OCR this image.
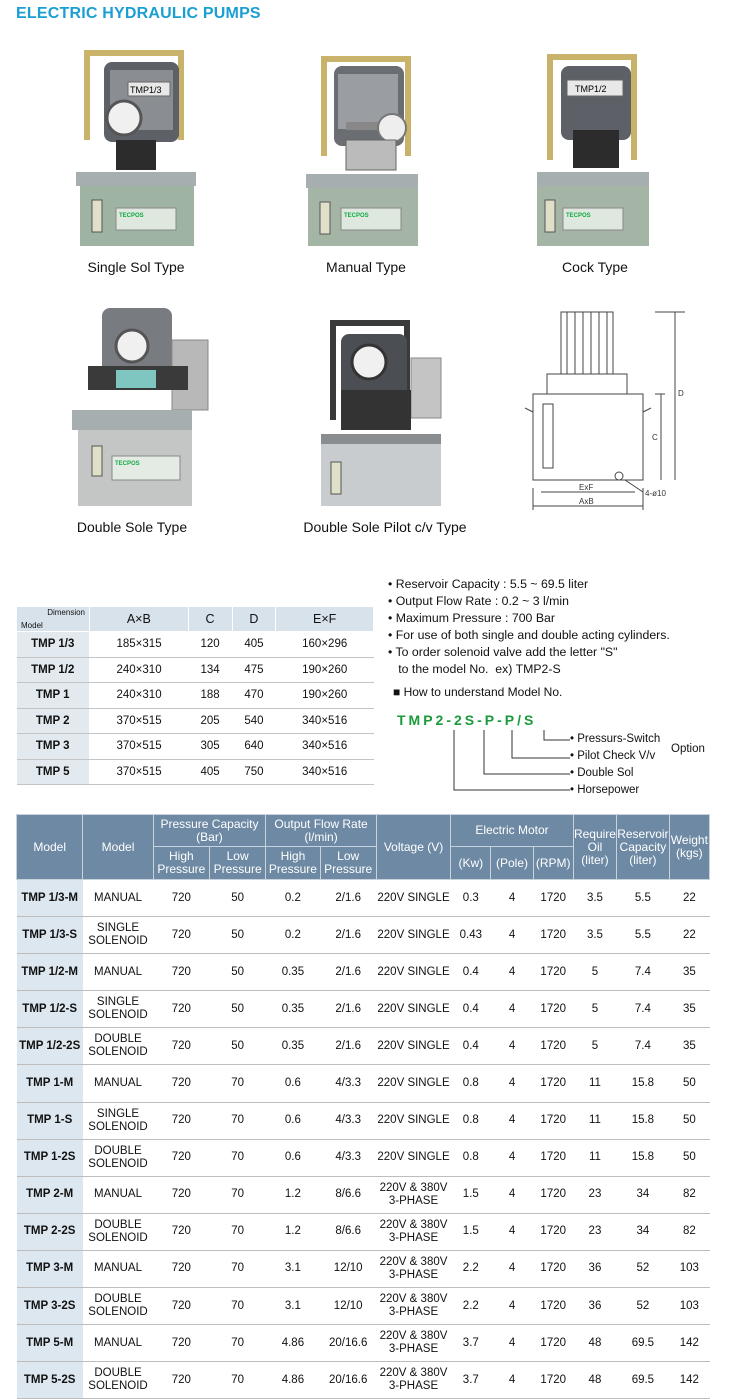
ELECTRIC HYDRAULIC PUMPS
TMP1/3
TECPOS
Single Sol Type
TECPOS
Manual Type
TMP1/2
TECPOS
Cock Type
TECPOS
Double Sole Type	Double Sole Pilot c/v Type
D
C
ExF
AxB
4-ø10
Dimension
Model	A×B	C	D	E×F
TMP 1/3	185×315	120	405	160×296
TMP 1/2	240×310	134	475	190×260
TMP 1	240×310	188	470	190×260
TMP 2	370×515	205	540	340×516
TMP 3	370×515	305	640	340×516
TMP 5	370×515	405	750	340×516
• Reservoir Capacity : 5.5 ~ 69.5 liter
• Output Flow Rate : 0.2 ~ 3 l/min
• Maximum Pressure : 700 Bar
• For use of both single and double acting cylinders.
• To order solenoid valve add the letter "S"
to the model No.  ex) TMP2-S
■ How to understand Model No.
TMP2-2S-P-P/S
• Pressurs-Switch
• Pilot Check V/v
Option
• Double Sol
• Horsepower
Model	Model	Pressure Capacity (Bar)		Output Flow Rate (l/min)		Voltage (V)	Electric Motor			Require Oil (liter)	Reservoir Capacity (liter)	Weight (kgs)
		High Pressure	Low Pressure	High Pressure	Low Pressure		(Kw)	(Pole)	(RPM)			
TMP 1/3-M	MANUAL	720	50	0.2	2/1.6	220V SINGLE	0.3	4	1720	3.5	5.5	22
TMP 1/3-S	SINGLE SOLENOID	720	50	0.2	2/1.6	220V SINGLE	0.43	4	1720	3.5	5.5	22
TMP 1/2-M	MANUAL	720	50	0.35	2/1.6	220V SINGLE	0.4	4	1720	5	7.4	35
TMP 1/2-S	SINGLE SOLENOID	720	50	0.35	2/1.6	220V SINGLE	0.4	4	1720	5	7.4	35
TMP 1/2-2S	DOUBLE SOLENOID	720	50	0.35	2/1.6	220V SINGLE	0.4	4	1720	5	7.4	35
TMP 1-M	MANUAL	720	70	0.6	4/3.3	220V SINGLE	0.8	4	1720	11	15.8	50
TMP 1-S	SINGLE SOLENOID	720	70	0.6	4/3.3	220V SINGLE	0.8	4	1720	11	15.8	50
TMP 1-2S	DOUBLE SOLENOID	720	70	0.6	4/3.3	220V SINGLE	0.8	4	1720	11	15.8	50
TMP 2-M	MANUAL	720	70	1.2	8/6.6	220V & 380V 3-PHASE	1.5	4	1720	23	34	82
TMP 2-2S	DOUBLE SOLENOID	720	70	1.2	8/6.6	220V & 380V 3-PHASE	1.5	4	1720	23	34	82
TMP 3-M	MANUAL	720	70	3.1	12/10	220V & 380V 3-PHASE	2.2	4	1720	36	52	103
TMP 3-2S	DOUBLE SOLENOID	720	70	3.1	12/10	220V & 380V 3-PHASE	2.2	4	1720	36	52	103
TMP 5-M	MANUAL	720	70	4.86	20/16.6	220V & 380V 3-PHASE	3.7	4	1720	48	69.5	142
TMP 5-2S	DOUBLE SOLENOID	720	70	4.86	20/16.6	220V & 380V 3-PHASE	3.7	4	1720	48	69.5	142
